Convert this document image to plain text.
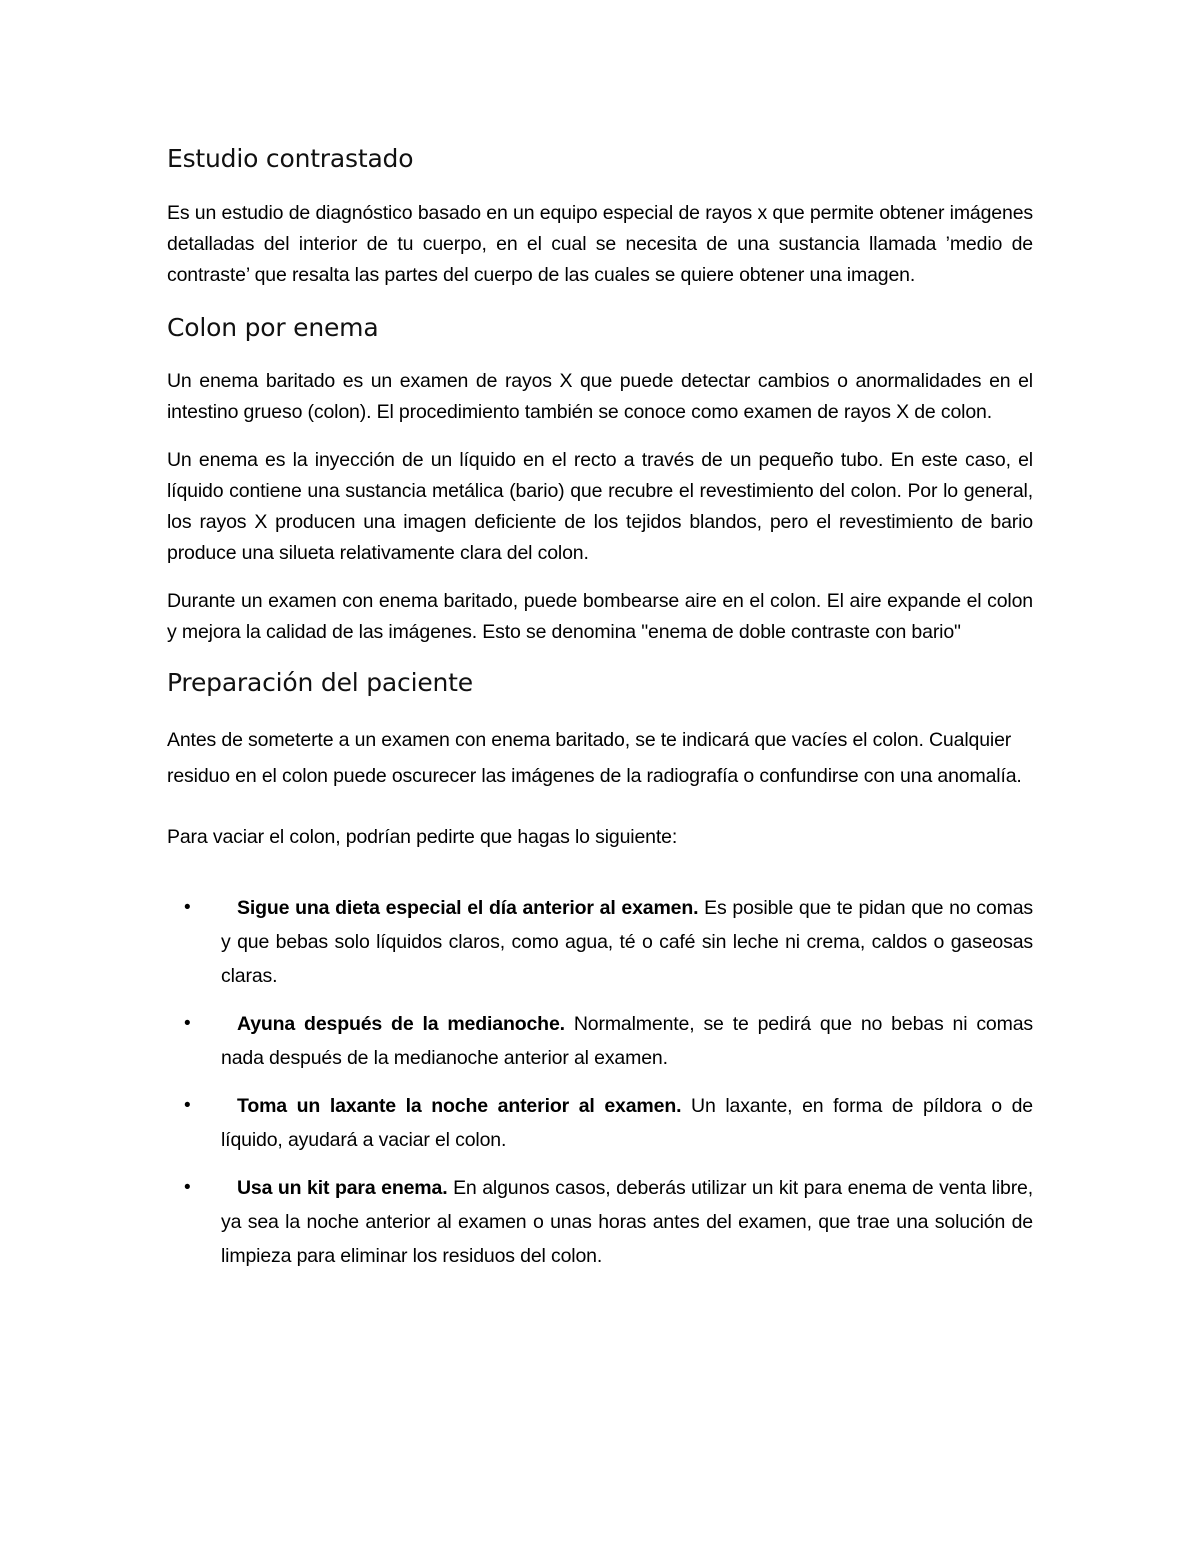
Estudio contrastado

Es un estudio de diagnóstico basado en un equipo especial de rayos x que permite obtener imágenes detalladas del interior de tu cuerpo, en el cual se necesita de una sustancia llamada ’medio de contraste’ que resalta las partes del cuerpo de las cuales se quiere obtener una imagen.

Colon por enema

Un enema baritado es un examen de rayos X que puede detectar cambios o anormalidades en el intestino grueso (colon). El procedimiento también se conoce como examen de rayos X de colon.

Un enema es la inyección de un líquido en el recto a través de un pequeño tubo. En este caso, el líquido contiene una sustancia metálica (bario) que recubre el revestimiento del colon. Por lo general, los rayos X producen una imagen deficiente de los tejidos blandos, pero el revestimiento de bario produce una silueta relativamente clara del colon.

Durante un examen con enema baritado, puede bombearse aire en el colon. El aire expande el colon y mejora la calidad de las imágenes. Esto se denomina "enema de doble contraste con bario"

Preparación del paciente

Antes de someterte a un examen con enema baritado, se te indicará que vacíes el colon. Cualquier residuo en el colon puede oscurecer las imágenes de la radiografía o confundirse con una anomalía.

Para vaciar el colon, podrían pedirte que hagas lo siguiente:

• Sigue una dieta especial el día anterior al examen. Es posible que te pidan que no comas y que bebas solo líquidos claros, como agua, té o café sin leche ni crema, caldos o gaseosas claras.
• Ayuna después de la medianoche. Normalmente, se te pedirá que no bebas ni comas nada después de la medianoche anterior al examen.
• Toma un laxante la noche anterior al examen. Un laxante, en forma de píldora o de líquido, ayudará a vaciar el colon.
• Usa un kit para enema. En algunos casos, deberás utilizar un kit para enema de venta libre, ya sea la noche anterior al examen o unas horas antes del examen, que trae una solución de limpieza para eliminar los residuos del colon.
